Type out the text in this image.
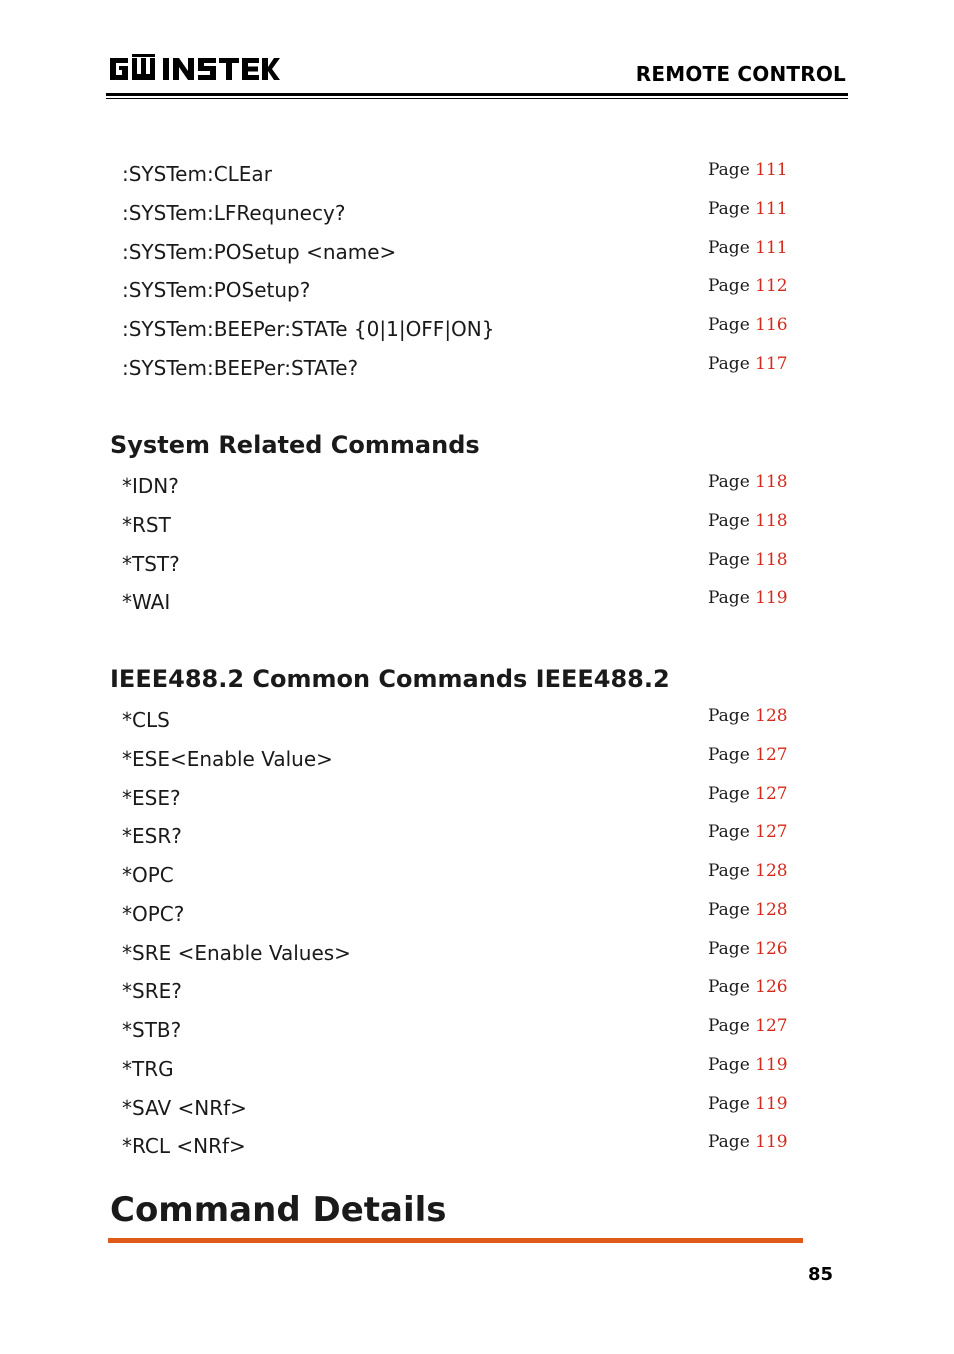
REMOTE CONTROL
:SYSTem:CLEar	Page 111
:SYSTem:LFRequnecy?	Page 111
:SYSTem:POSetup <name>	Page 111
:SYSTem:POSetup?	Page 112
:SYSTem:BEEPer:STATe {0|1|OFF|ON}	Page 116
:SYSTem:BEEPer:STATe?	Page 117
System Related Commands
*IDN?	Page 118
*RST	Page 118
*TST?	Page 118
*WAI	Page 119
IEEE488.2 Common Commands IEEE488.2
*CLS	Page 128
*ESE<Enable Value>	Page 127
*ESE?	Page 127
*ESR?	Page 127
*OPC	Page 128
*OPC?	Page 128
*SRE <Enable Values>	Page 126
*SRE?	Page 126
*STB?	Page 127
*TRG	Page 119
*SAV <NRf>	Page 119
*RCL <NRf>	Page 119
Command Details
85
